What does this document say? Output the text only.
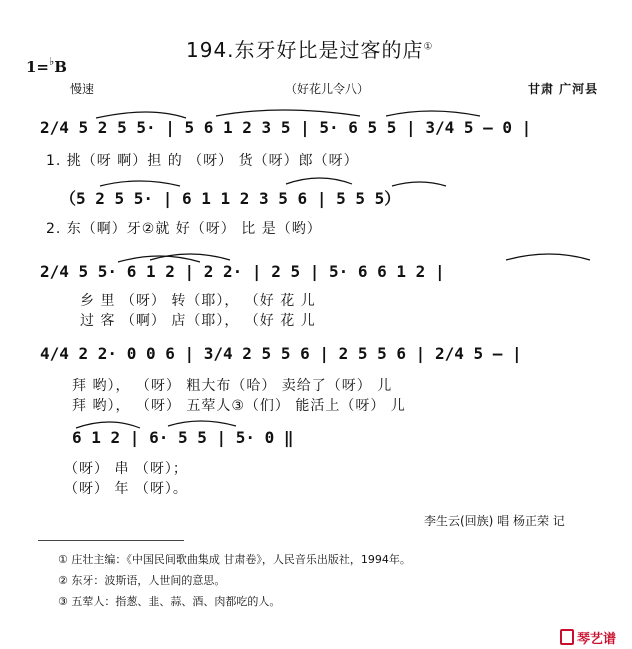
194.东牙好比是过客的店①
1=♭B
慢速	（好花儿令八）	甘肃 广河县
2/4 5 2 5 5· | 5 6 1 2 3 5 | 5· 6 5 5 | 3/4 5 – 0 |
1. 挑（呀 啊）担 的 （呀） 货（呀）郎（呀）
（5 2 5 5· | 6 1 1 2 3 5 6 | 5 5 5）
2. 东（啊）牙②就 好（呀） 比 是（哟）
2/4 5 5· 6 1 2 | 2 2· | 2 5 | 5· 6 6 1 2 |
乡 里 （呀） 转（耶）， （好 花 儿
过 客 （啊） 店（耶）， （好 花 儿
4/4 2 2· 0 0 6 | 3/4 2 5 5 6 | 2 5 5 6 | 2/4 5 – |
拜 哟）， （呀） 粗大布（哈） 卖给了（呀） 儿
拜 哟）， （呀） 五荤人③（们） 能活上（呀） 儿
6 1 2 | 6· 5 5 | 5· 0 ‖
（呀） 串 （呀）；
（呀） 年 （呀）。
李生云(回族) 唱 杨正荣 记
① 庄壮主编：《中国民间歌曲集成 甘肃卷》，人民音乐出版社，1994年。
② 东牙：波斯语，人世间的意思。
③ 五荤人：指葱、韭、蒜、酒、肉都吃的人。
琴艺谱
